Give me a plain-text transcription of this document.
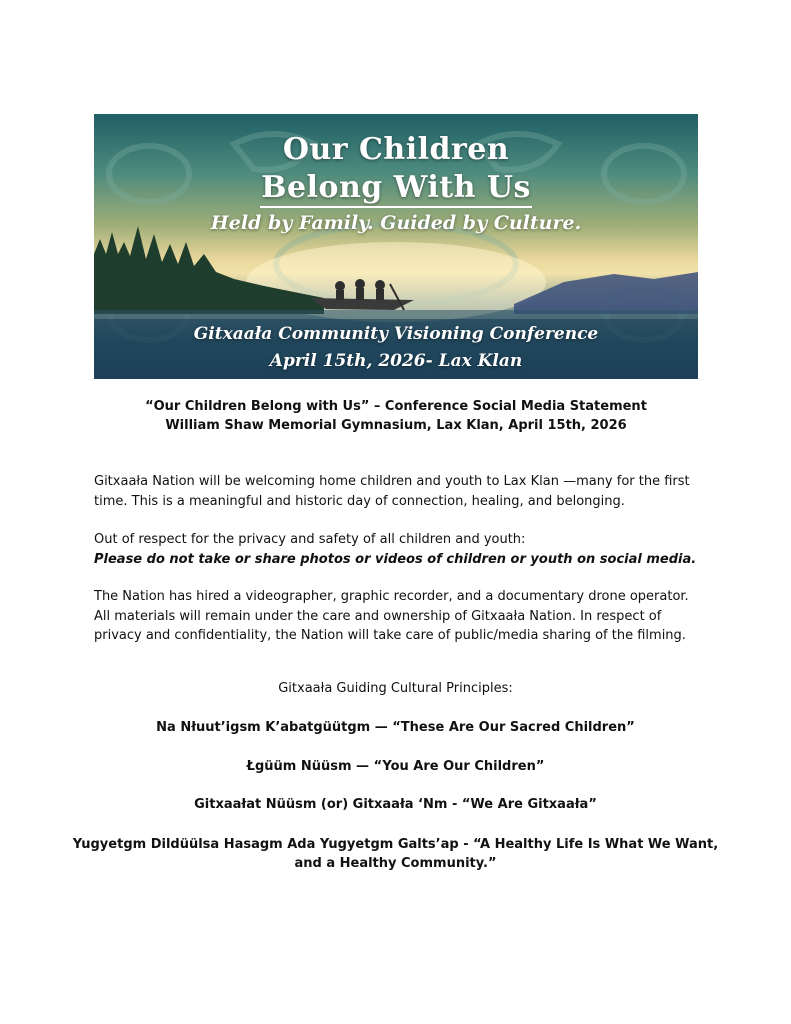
Our Children
Belong With Us
Held by Family. Guided by Culture.
Gitxaała Community Visioning Conference
April 15th, 2026- Lax Klan
“Our Children Belong with Us” – Conference Social Media Statement
William Shaw Memorial Gymnasium, Lax Klan, April 15th, 2026

Gitxaała Nation will be welcoming home children and youth to Lax Klan —many for the first time. This is a meaningful and historic day of connection, healing, and belonging.

Out of respect for the privacy and safety of all children and youth:
Please do not take or share photos or videos of children or youth on social media.

The Nation has hired a videographer, graphic recorder, and a documentary drone operator. All materials will remain under the care and ownership of Gitxaała Nation. In respect of privacy and confidentiality, the Nation will take care of public/media sharing of the filming.

Gitxaała Guiding Cultural Principles:
Na Nłuut’igsm K’abatgüütgm — “These Are Our Sacred Children”
Łgüüm Nüüsm — “You Are Our Children”
Gitxaałat Nüüsm (or) Gitxaała ‘Nm - “We Are Gitxaała”
Yugyetgm Dildüülsa Hasagm Ada Yugyetgm Galts’ap - “A Healthy Life Is What We Want, and a Healthy Community.”
